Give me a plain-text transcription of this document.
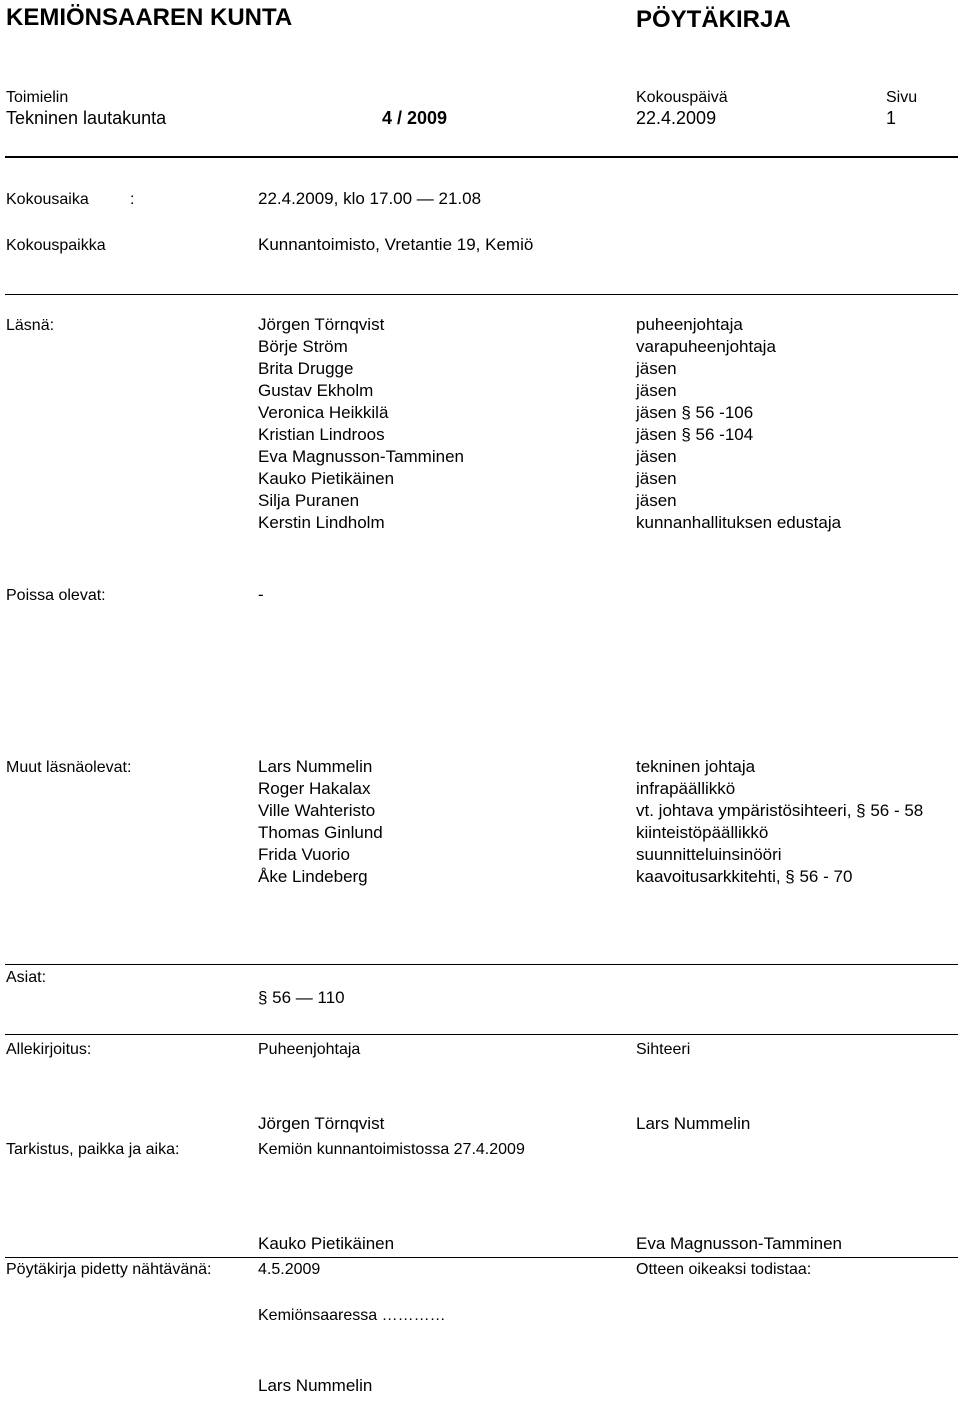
KEMIÖNSAAREN KUNTA	PÖYTÄKIRJA
Toimielin	Kokouspäivä	Sivu
Tekninen lautakunta	4 / 2009	22.4.2009	1
Kokousaika	:	22.4.2009, klo 17.00 — 21.08
Kokouspaikka	Kunnantoimisto, Vretantie 19, Kemiö
Läsnä:	Jörgen Törnqvist	puheenjohtaja
Börje Ström	varapuheenjohtaja
Brita Drugge	jäsen
Gustav Ekholm	jäsen
Veronica Heikkilä	jäsen § 56 -106
Kristian Lindroos	jäsen § 56 -104
Eva Magnusson-Tamminen	jäsen
Kauko Pietikäinen	jäsen
Silja Puranen	jäsen
Kerstin Lindholm	kunnanhallituksen edustaja
Poissa olevat:	-
Muut läsnäolevat:	Lars Nummelin	tekninen johtaja
Roger Hakalax	infrapäällikkö
Ville Wahteristo	vt. johtava ympäristösihteeri, § 56 - 58
Thomas Ginlund	kiinteistöpäällikkö
Frida Vuorio	suunnitteluinsinööri
Åke Lindeberg	kaavoitusarkkitehti, § 56 - 70
Asiat:
§ 56 — 110
Allekirjoitus:	Puheenjohtaja	Sihteeri
Jörgen Törnqvist	Lars Nummelin
Tarkistus, paikka ja aika:	Kemiön kunnantoimistossa 27.4.2009
Kauko Pietikäinen	Eva Magnusson-Tamminen
Pöytäkirja pidetty nähtävänä:	4.5.2009	Otteen oikeaksi todistaa:
Kemiönsaaressa …………
Lars Nummelin
